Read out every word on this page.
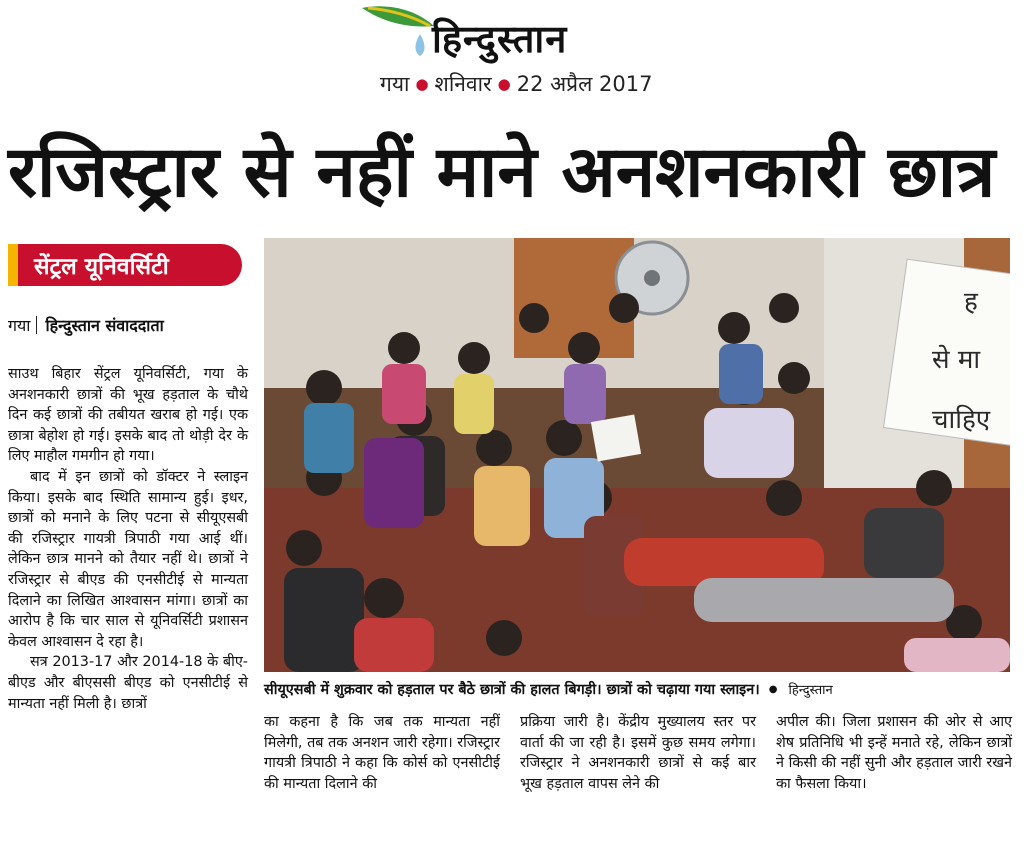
हिन्दुस्तान
गया ● शनिवार ● 22 अप्रैल 2017
रजिस्ट्रार से नहीं माने अनशनकारी छात्र
सेंट्रल यूनिवर्सिटी
गया हिन्दुस्तान संवाददाता

साउथ बिहार सेंट्रल यूनिवर्सिटी, गया के अनशनकारी छात्रों की भूख हड़ताल के चौथे दिन कई छात्रों की तबीयत खराब हो गई। एक छात्रा बेहोश हो गई। इसके बाद तो थोड़ी देर के लिए माहौल गमगीन हो गया।

बाद में इन छात्रों को डॉक्टर ने स्लाइन किया। इसके बाद स्थिति सामान्य हुई। इधर, छात्रों को मनाने के लिए पटना से सीयूएसबी की रजिस्ट्रार गायत्री त्रिपाठी गया आई थीं। लेकिन छात्र मानने को तैयार नहीं थे। छात्रों ने रजिस्ट्रार से बीएड की एनसीटीई से मान्यता दिलाने का लिखित आश्वासन मांगा। छात्रों का आरोप है कि चार साल से यूनिवर्सिटी प्रशासन केवल आश्वासन दे रहा है।

सत्र 2013-17 और 2014-18 के बीए-बीएड और बीएससी बीएड को एनसीटीई से मान्यता नहीं मिली है। छात्रों

ह
से मा
चाहिए
सीयूएसबी में शुक्रवार को हड़ताल पर बैठे छात्रों की हालत बिगड़ी। छात्रों को चढ़ाया गया स्लाइन। ● हिन्दुस्तान
का कहना है कि जब तक मान्यता नहीं मिलेगी, तब तक अनशन जारी रहेगा। रजिस्ट्रार गायत्री त्रिपाठी ने कहा कि कोर्स को एनसीटीई की मान्यता दिलाने की
प्रक्रिया जारी है। केंद्रीय मुख्यालय स्तर पर वार्ता की जा रही है। इसमें कुछ समय लगेगा। रजिस्ट्रार ने अनशनकारी छात्रों से कई बार भूख हड़ताल वापस लेने की
अपील की। जिला प्रशासन की ओर से आए शेष प्रतिनिधि भी इन्हें मनाते रहे, लेकिन छात्रों ने किसी की नहीं सुनी और हड़ताल जारी रखने का फैसला किया।
